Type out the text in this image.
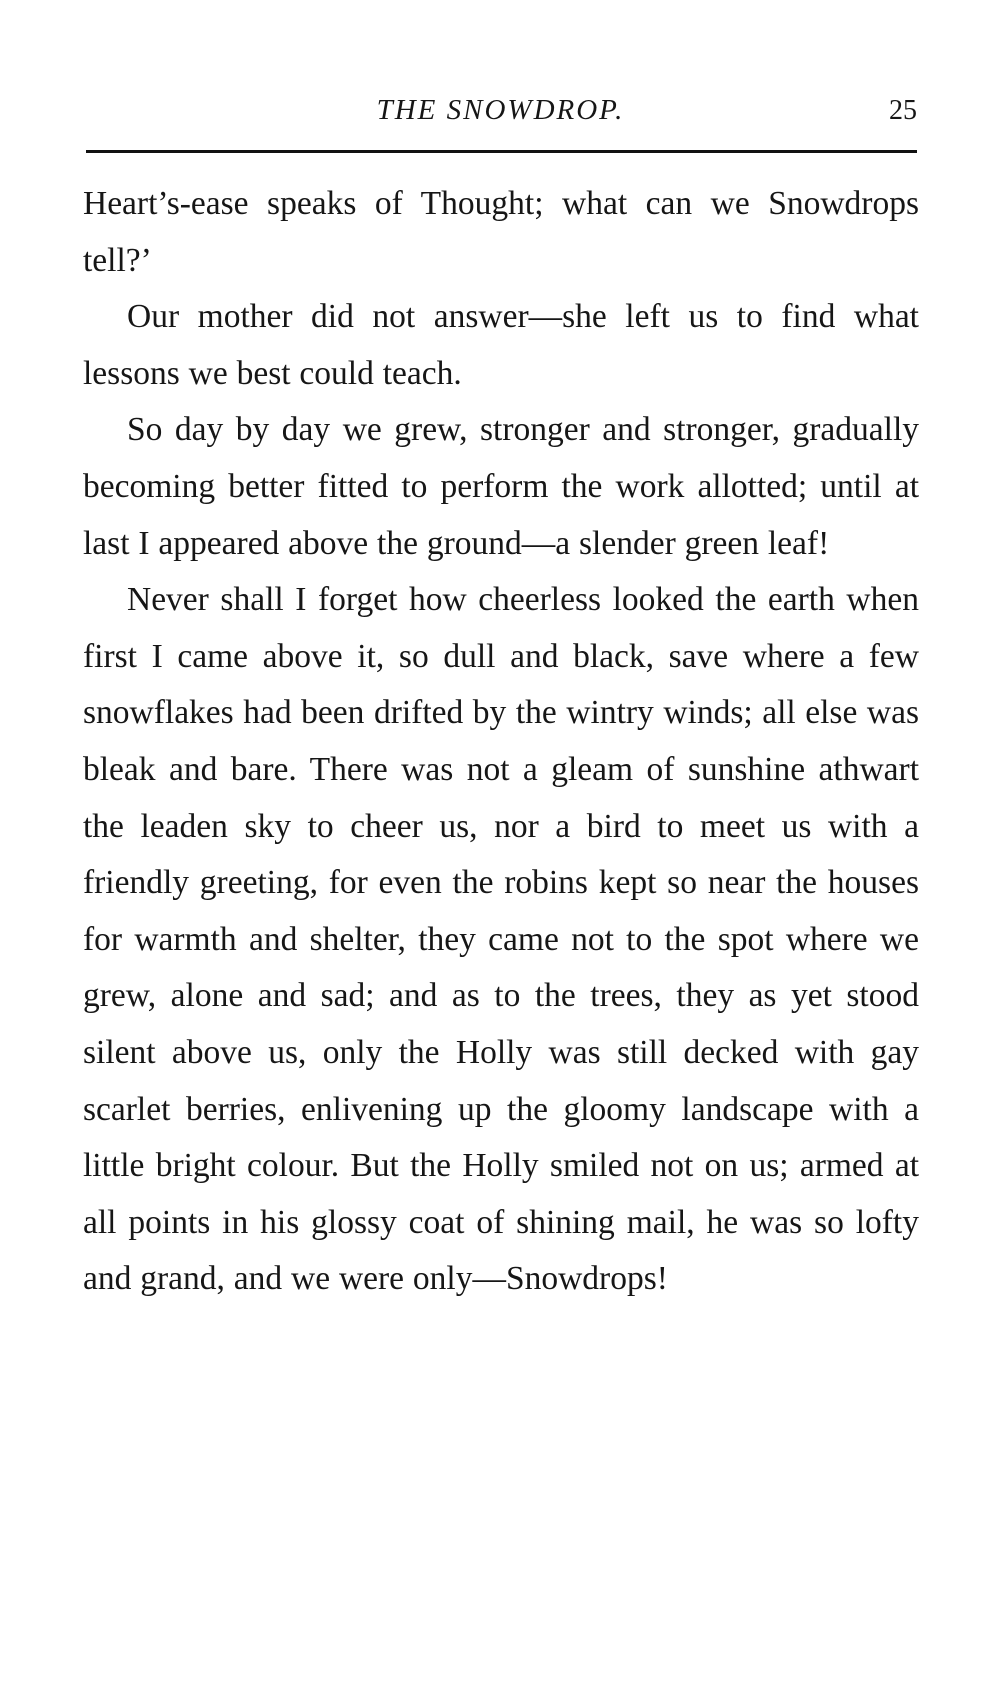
THE SNOWDROP.	25

Heart’s-ease speaks of Thought; what can we Snowdrops tell?’

Our mother did not answer—she left us to find what lessons we best could teach.

So day by day we grew, stronger and stronger, gradually becoming better fitted to perform the work allotted; until at last I appeared above the ground—a slender green leaf!

Never shall I forget how cheerless looked the earth when first I came above it, so dull and black, save where a few snowflakes had been drifted by the wintry winds; all else was bleak and bare. There was not a gleam of sunshine athwart the leaden sky to cheer us, nor a bird to meet us with a friendly greeting, for even the robins kept so near the houses for warmth and shelter, they came not to the spot where we grew, alone and sad; and as to the trees, they as yet stood silent above us, only the Holly was still decked with gay scarlet berries, enlivening up the gloomy landscape with a little bright colour. But the Holly smiled not on us; armed at all points in his glossy coat of shining mail, he was so lofty and grand, and we were only—Snowdrops!
